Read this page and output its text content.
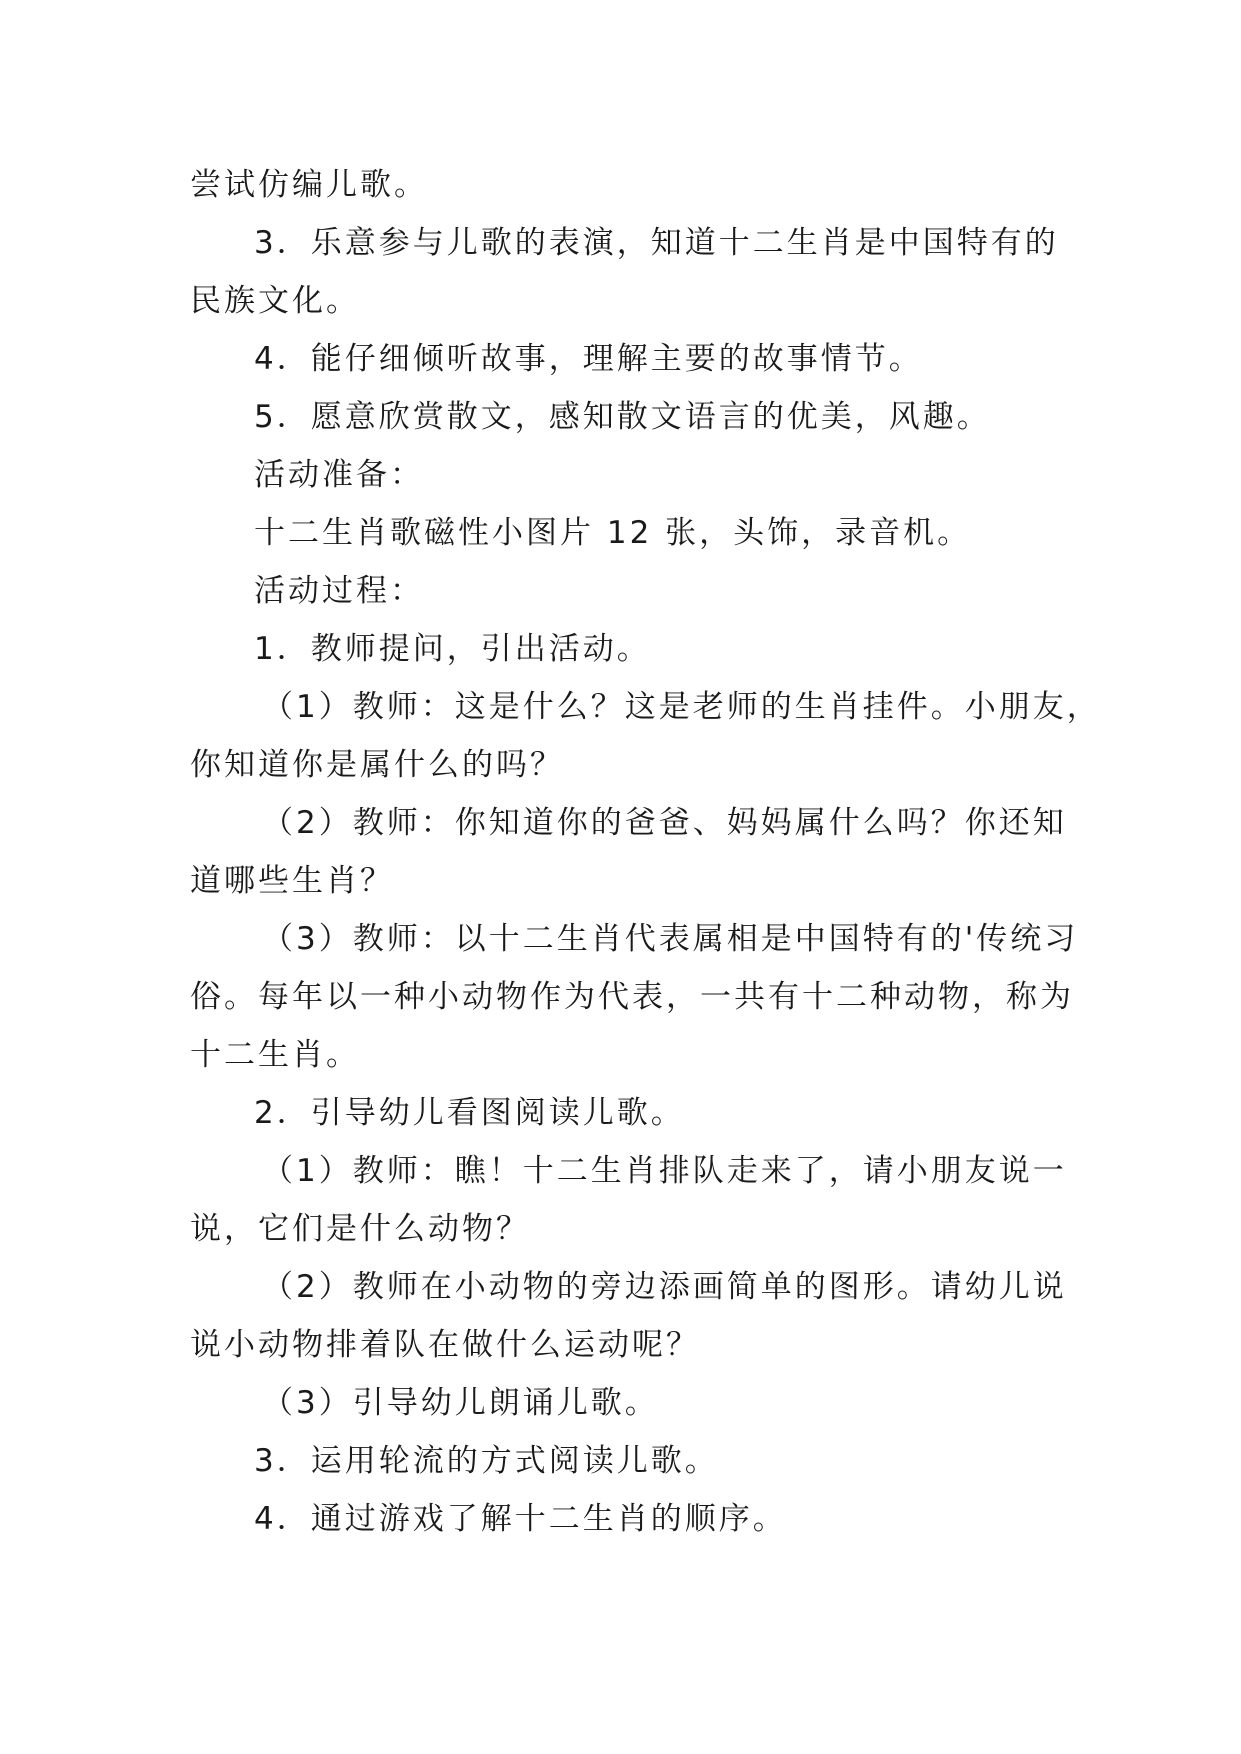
尝试仿编儿歌。
3．乐意参与儿歌的表演，知道十二生肖是中国特有的
民族文化。
4．能仔细倾听故事，理解主要的故事情节。
5．愿意欣赏散文，感知散文语言的优美，风趣。
活动准备：
十二生肖歌磁性小图片 12 张，头饰，录音机。
活动过程：
1．教师提问，引出活动。
（1）教师：这是什么？这是老师的生肖挂件。小朋友，
你知道你是属什么的吗？
（2）教师：你知道你的爸爸、妈妈属什么吗？你还知
道哪些生肖？
（3）教师：以十二生肖代表属相是中国特有的'传统习
俗。每年以一种小动物作为代表，一共有十二种动物，称为
十二生肖。
2．引导幼儿看图阅读儿歌。
（1）教师：瞧！十二生肖排队走来了，请小朋友说一
说，它们是什么动物？
（2）教师在小动物的旁边添画简单的图形。请幼儿说
说小动物排着队在做什么运动呢？
（3）引导幼儿朗诵儿歌。
3．运用轮流的方式阅读儿歌。
4．通过游戏了解十二生肖的顺序。
